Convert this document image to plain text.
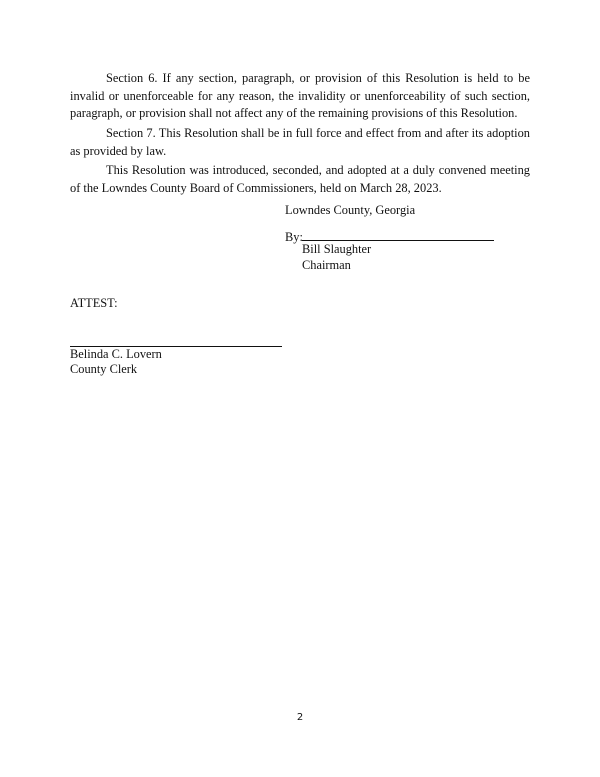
Section 6. If any section, paragraph, or provision of this Resolution is held to be invalid or unenforceable for any reason, the invalidity or unenforceability of such section, paragraph, or provision shall not affect any of the remaining provisions of this Resolution.

Section 7. This Resolution shall be in full force and effect from and after its adoption as provided by law.

This Resolution was introduced, seconded, and adopted at a duly convened meeting of the Lowndes County Board of Commissioners, held on March 28, 2023.

Lowndes County, Georgia
By:
Bill Slaughter
Chairman
ATTEST:
Belinda C. Lovern
County Clerk
2
